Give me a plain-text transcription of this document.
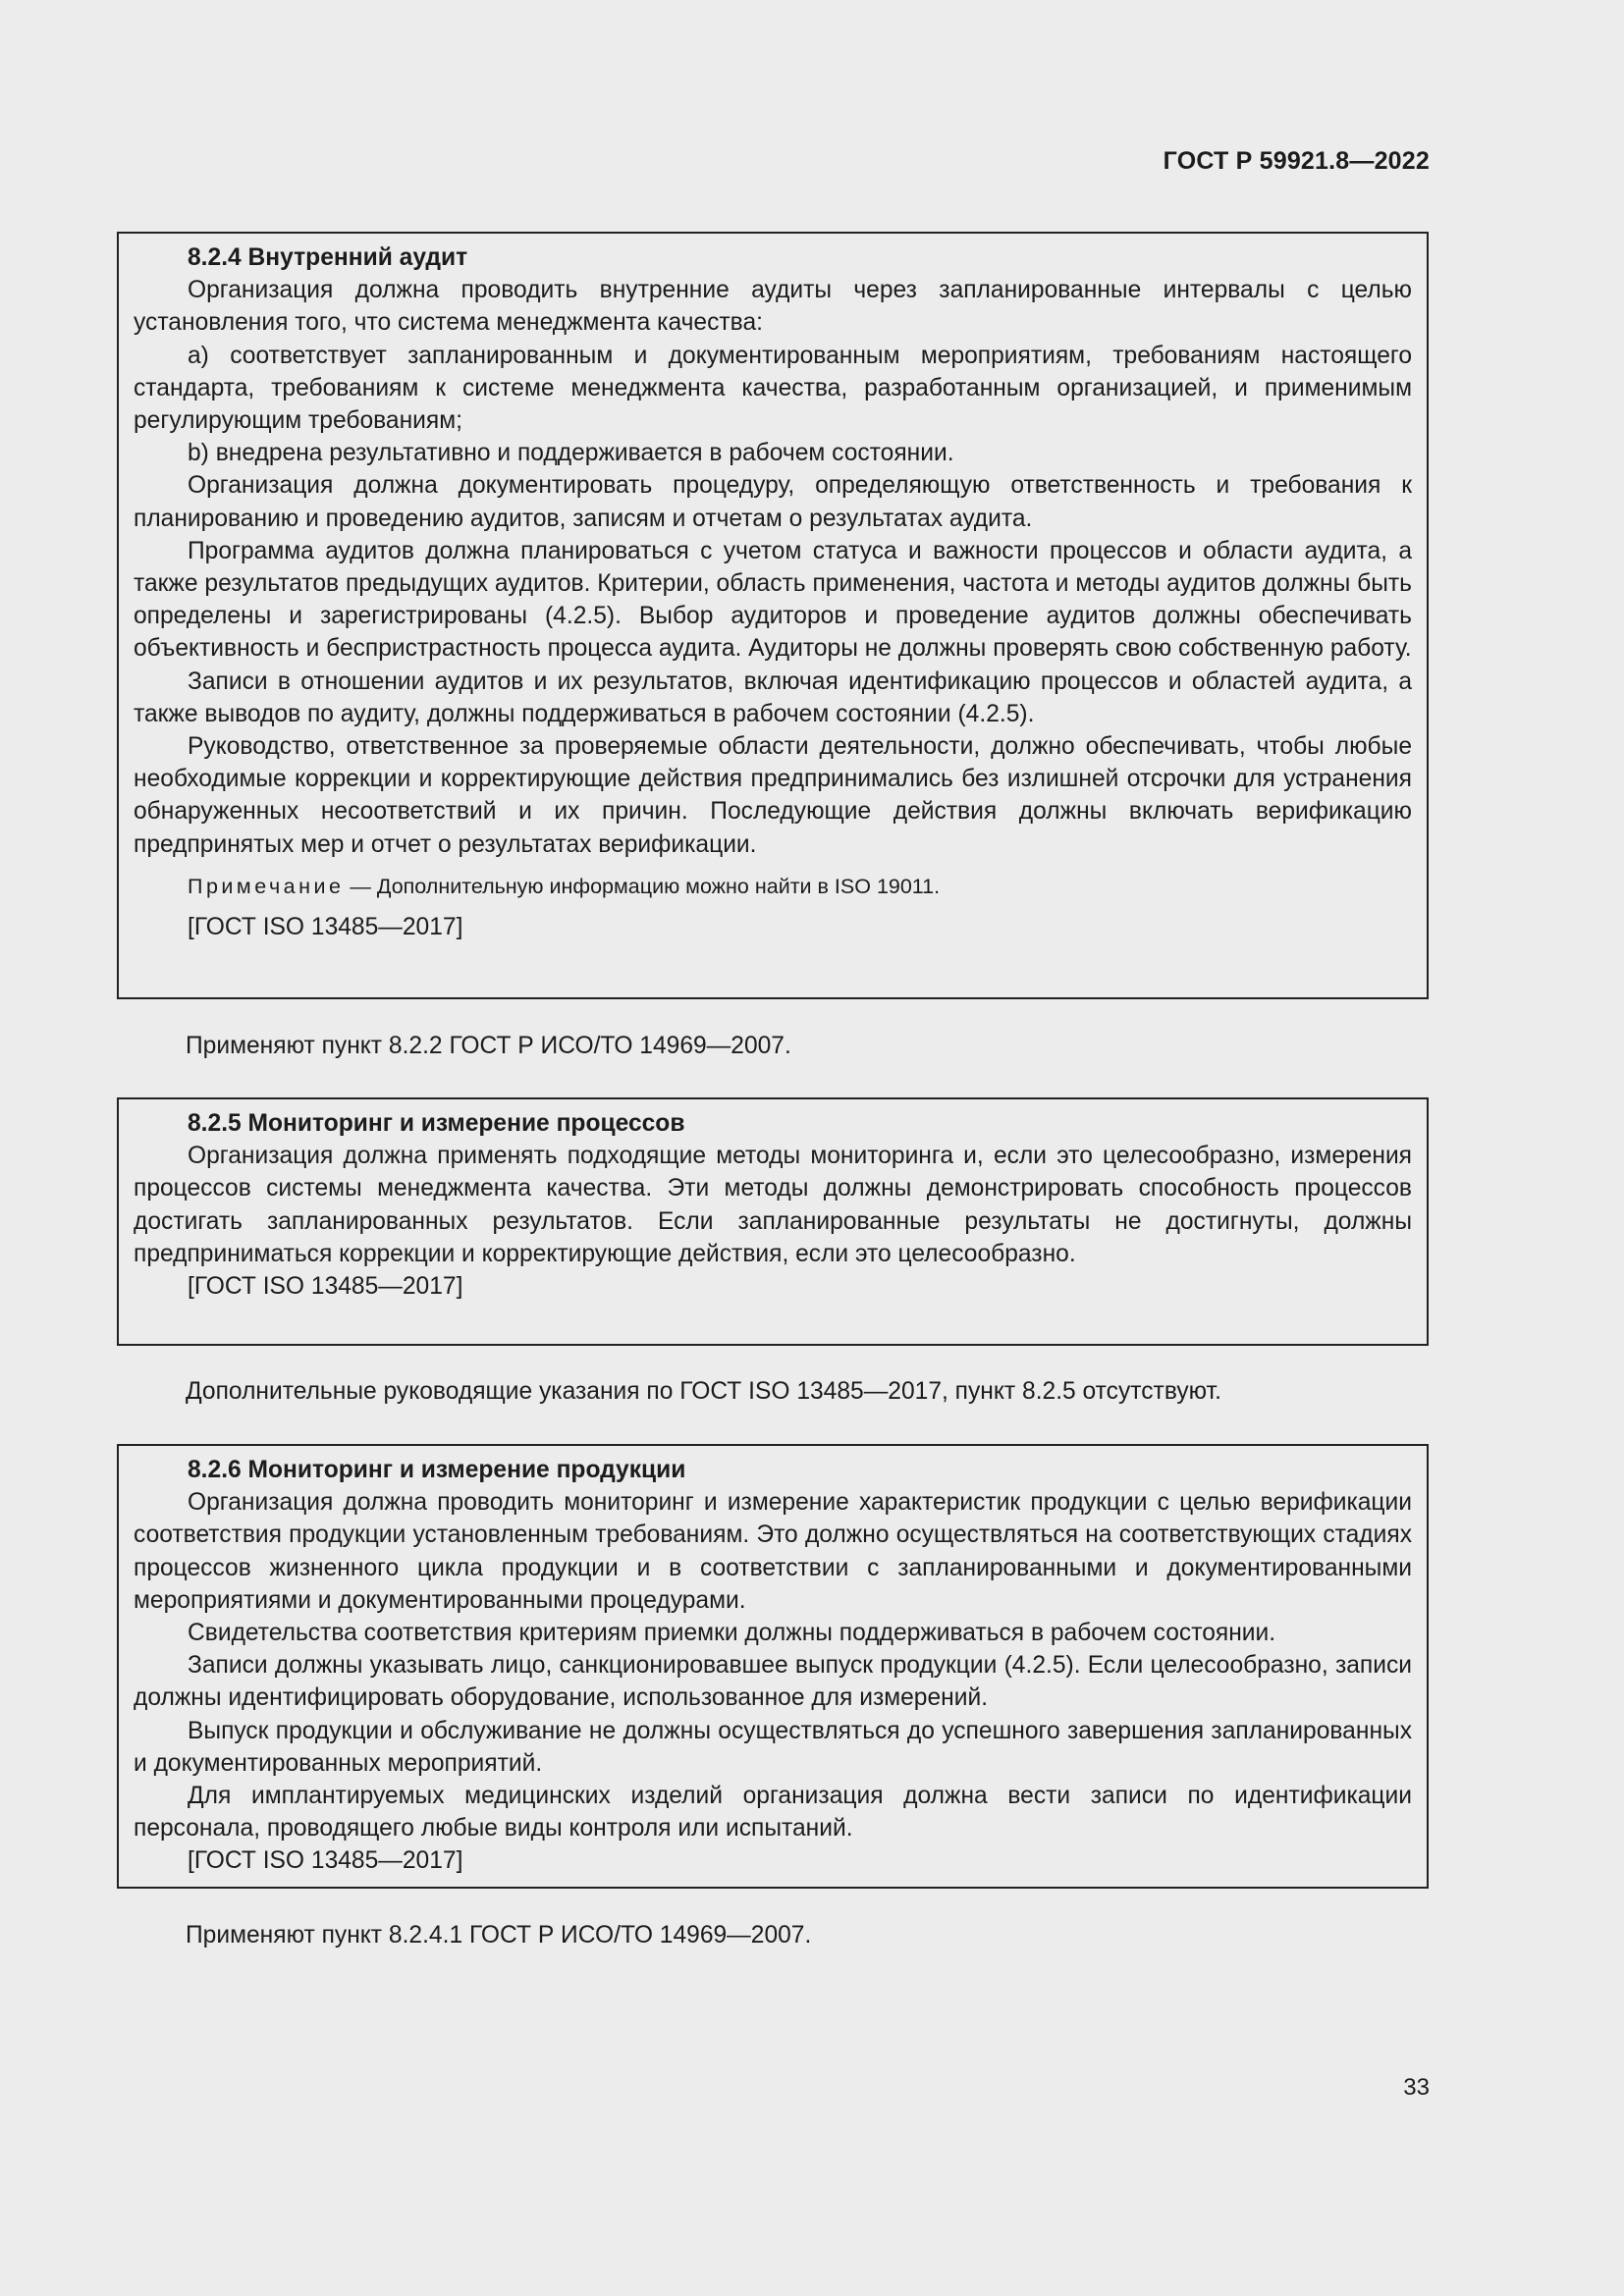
ГОСТ Р 59921.8—2022

8.2.4 Внутренний аудит

Организация должна проводить внутренние аудиты через запланированные интервалы с целью установления того, что система менеджмента качества:

a) соответствует запланированным и документированным мероприятиям, требованиям настоящего стандарта, требованиям к системе менеджмента качества, разработанным организацией, и применимым регулирующим требованиям;

b) внедрена результативно и поддерживается в рабочем состоянии.

Организация должна документировать процедуру, определяющую ответственность и требования к планированию и проведению аудитов, записям и отчетам о результатах аудита.

Программа аудитов должна планироваться с учетом статуса и важности процессов и области аудита, а также результатов предыдущих аудитов. Критерии, область применения, частота и методы аудитов должны быть определены и зарегистрированы (4.2.5). Выбор аудиторов и проведение аудитов должны обеспечивать объективность и беспристрастность процесса аудита. Аудиторы не должны проверять свою собственную работу.

Записи в отношении аудитов и их результатов, включая идентификацию процессов и областей аудита, а также выводов по аудиту, должны поддерживаться в рабочем состоянии (4.2.5).

Руководство, ответственное за проверяемые области деятельности, должно обеспечивать, чтобы любые необходимые коррекции и корректирующие действия предпринимались без излишней отсрочки для устранения обнаруженных несоответствий и их причин. Последующие действия должны включать верификацию предпринятых мер и отчет о результатах верификации.

Примечание — Дополнительную информацию можно найти в ISO 19011.

[ГОСТ ISO 13485—2017]

Применяют пункт 8.2.2 ГОСТ Р ИСО/ТО 14969—2007.

8.2.5 Мониторинг и измерение процессов

Организация должна применять подходящие методы мониторинга и, если это целесообразно, измерения процессов системы менеджмента качества. Эти методы должны демонстрировать способность процессов достигать запланированных результатов. Если запланированные результаты не достигнуты, должны предприниматься коррекции и корректирующие действия, если это целесообразно.

[ГОСТ ISO 13485—2017]

Дополнительные руководящие указания по ГОСТ ISO 13485—2017, пункт 8.2.5 отсутствуют.

8.2.6 Мониторинг и измерение продукции

Организация должна проводить мониторинг и измерение характеристик продукции с целью верификации соответствия продукции установленным требованиям. Это должно осуществляться на соответствующих стадиях процессов жизненного цикла продукции и в соответствии с запланированными и документированными мероприятиями и документированными процедурами.

Свидетельства соответствия критериям приемки должны поддерживаться в рабочем состоянии.

Записи должны указывать лицо, санкционировавшее выпуск продукции (4.2.5). Если целесообразно, записи должны идентифицировать оборудование, использованное для измерений.

Выпуск продукции и обслуживание не должны осуществляться до успешного завершения запланированных и документированных мероприятий.

Для имплантируемых медицинских изделий организация должна вести записи по идентификации персонала, проводящего любые виды контроля или испытаний.

[ГОСТ ISO 13485—2017]

Применяют пункт 8.2.4.1 ГОСТ Р ИСО/ТО 14969—2007.

33
